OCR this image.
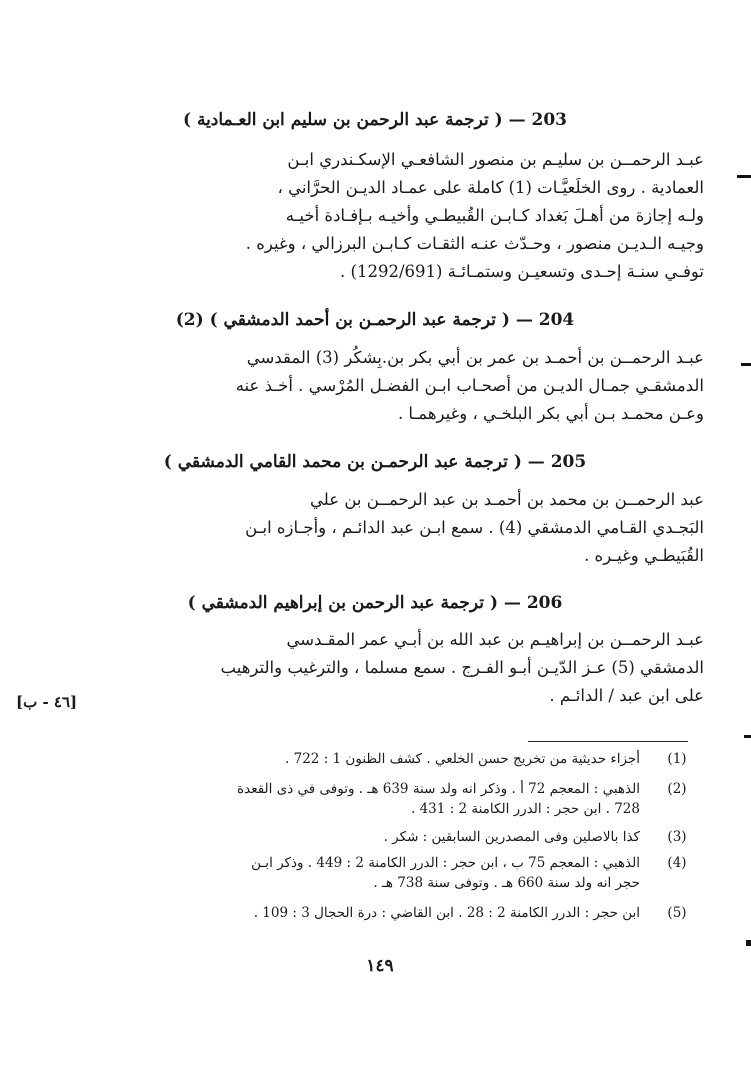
203 — ( ترجمة عبد الرحمن بن سليم ابن العـمادية )

عبـد الرحمــن بن سليـم بن منصور الشافعـي الإسكـندري ابـن

العمادية . روى الخلَعيَّـات (1) كاملة على عمـاد الديـن الحرَّاني ،

ولـه إجازة من أهـلَ بَغداد كـابـن القُبيطـي وأخيـه بـإفـادة أخيـه

وجيـه الـديـن منصور ، وحـدّث عنـه الثقـات كـابـن البرزالي ، وغيره .

توفـي سنـة إحـدى وتسعيـن وستمـائـة (1292/691) .

204 — ( ترجمة عبد الرحمـن بن أحمد الدمشقي ) (2)

عبـد الرحمــن بن أحمـد بن عمر بن أبي بكر بن.بِشكُر (3) المقدسي

الدمشقـي جمـال الديـن من أصحـاب ابـن الفضـل المُرْسي . أخـذ عنه

وعـن محمـد بـن أبي بكر البلخـي ، وغيرهمـا .

205 — ( ترجمة عبد الرحمـن بن محمد القامي الدمشقي )

عبد الرحمــن بن محمد بن أحمـد بن عبد الرحمــن بن علي

البَجـدي القـامي الدمشقي (4) . سمع ابـن عبد الدائـم ، وأجـازه ابـن

القُبَيطـي وغيـره .

206 — ( ترجمة عبد الرحمن بن إبراهيم الدمشقي )

عبـد الرحمــن بن إبراهيـم بن عبد الله بن أبـي عمر المقـدسي

الدمشقي (5) عـز الدّيـن أبـو الفـرج . سمع مسلما ، والترغيب والترهيب

على ابن عبد / الدائـم .

[٤٦ - ب]
(1)
أجزاء حديثية من تخريج حسن الخلعي . كشف الظنون 1 : 722 .
(2)
الذهبي : المعجم 72 أ . وذكر انه ولد سنة 639 هـ . وتوفى في ذى القعدة
728 . ابن حجر : الدرر الكامنة 2 : 431 .
(3)
كذا بالاصلين وفى المصدرين السابقين : شكر .
(4)
الذهبي : المعجم 75 ب ، ابن حجر : الدرر الكامنة 2 : 449 . وذكر ابـن
حجر انه ولد سنة 660 هـ . وتوفى سنة 738 هـ .
(5)
ابن حجر : الدرر الكامنة 2 : 28 . ابن القاضي : درة الحجال 3 : 109 .
١٤٩
